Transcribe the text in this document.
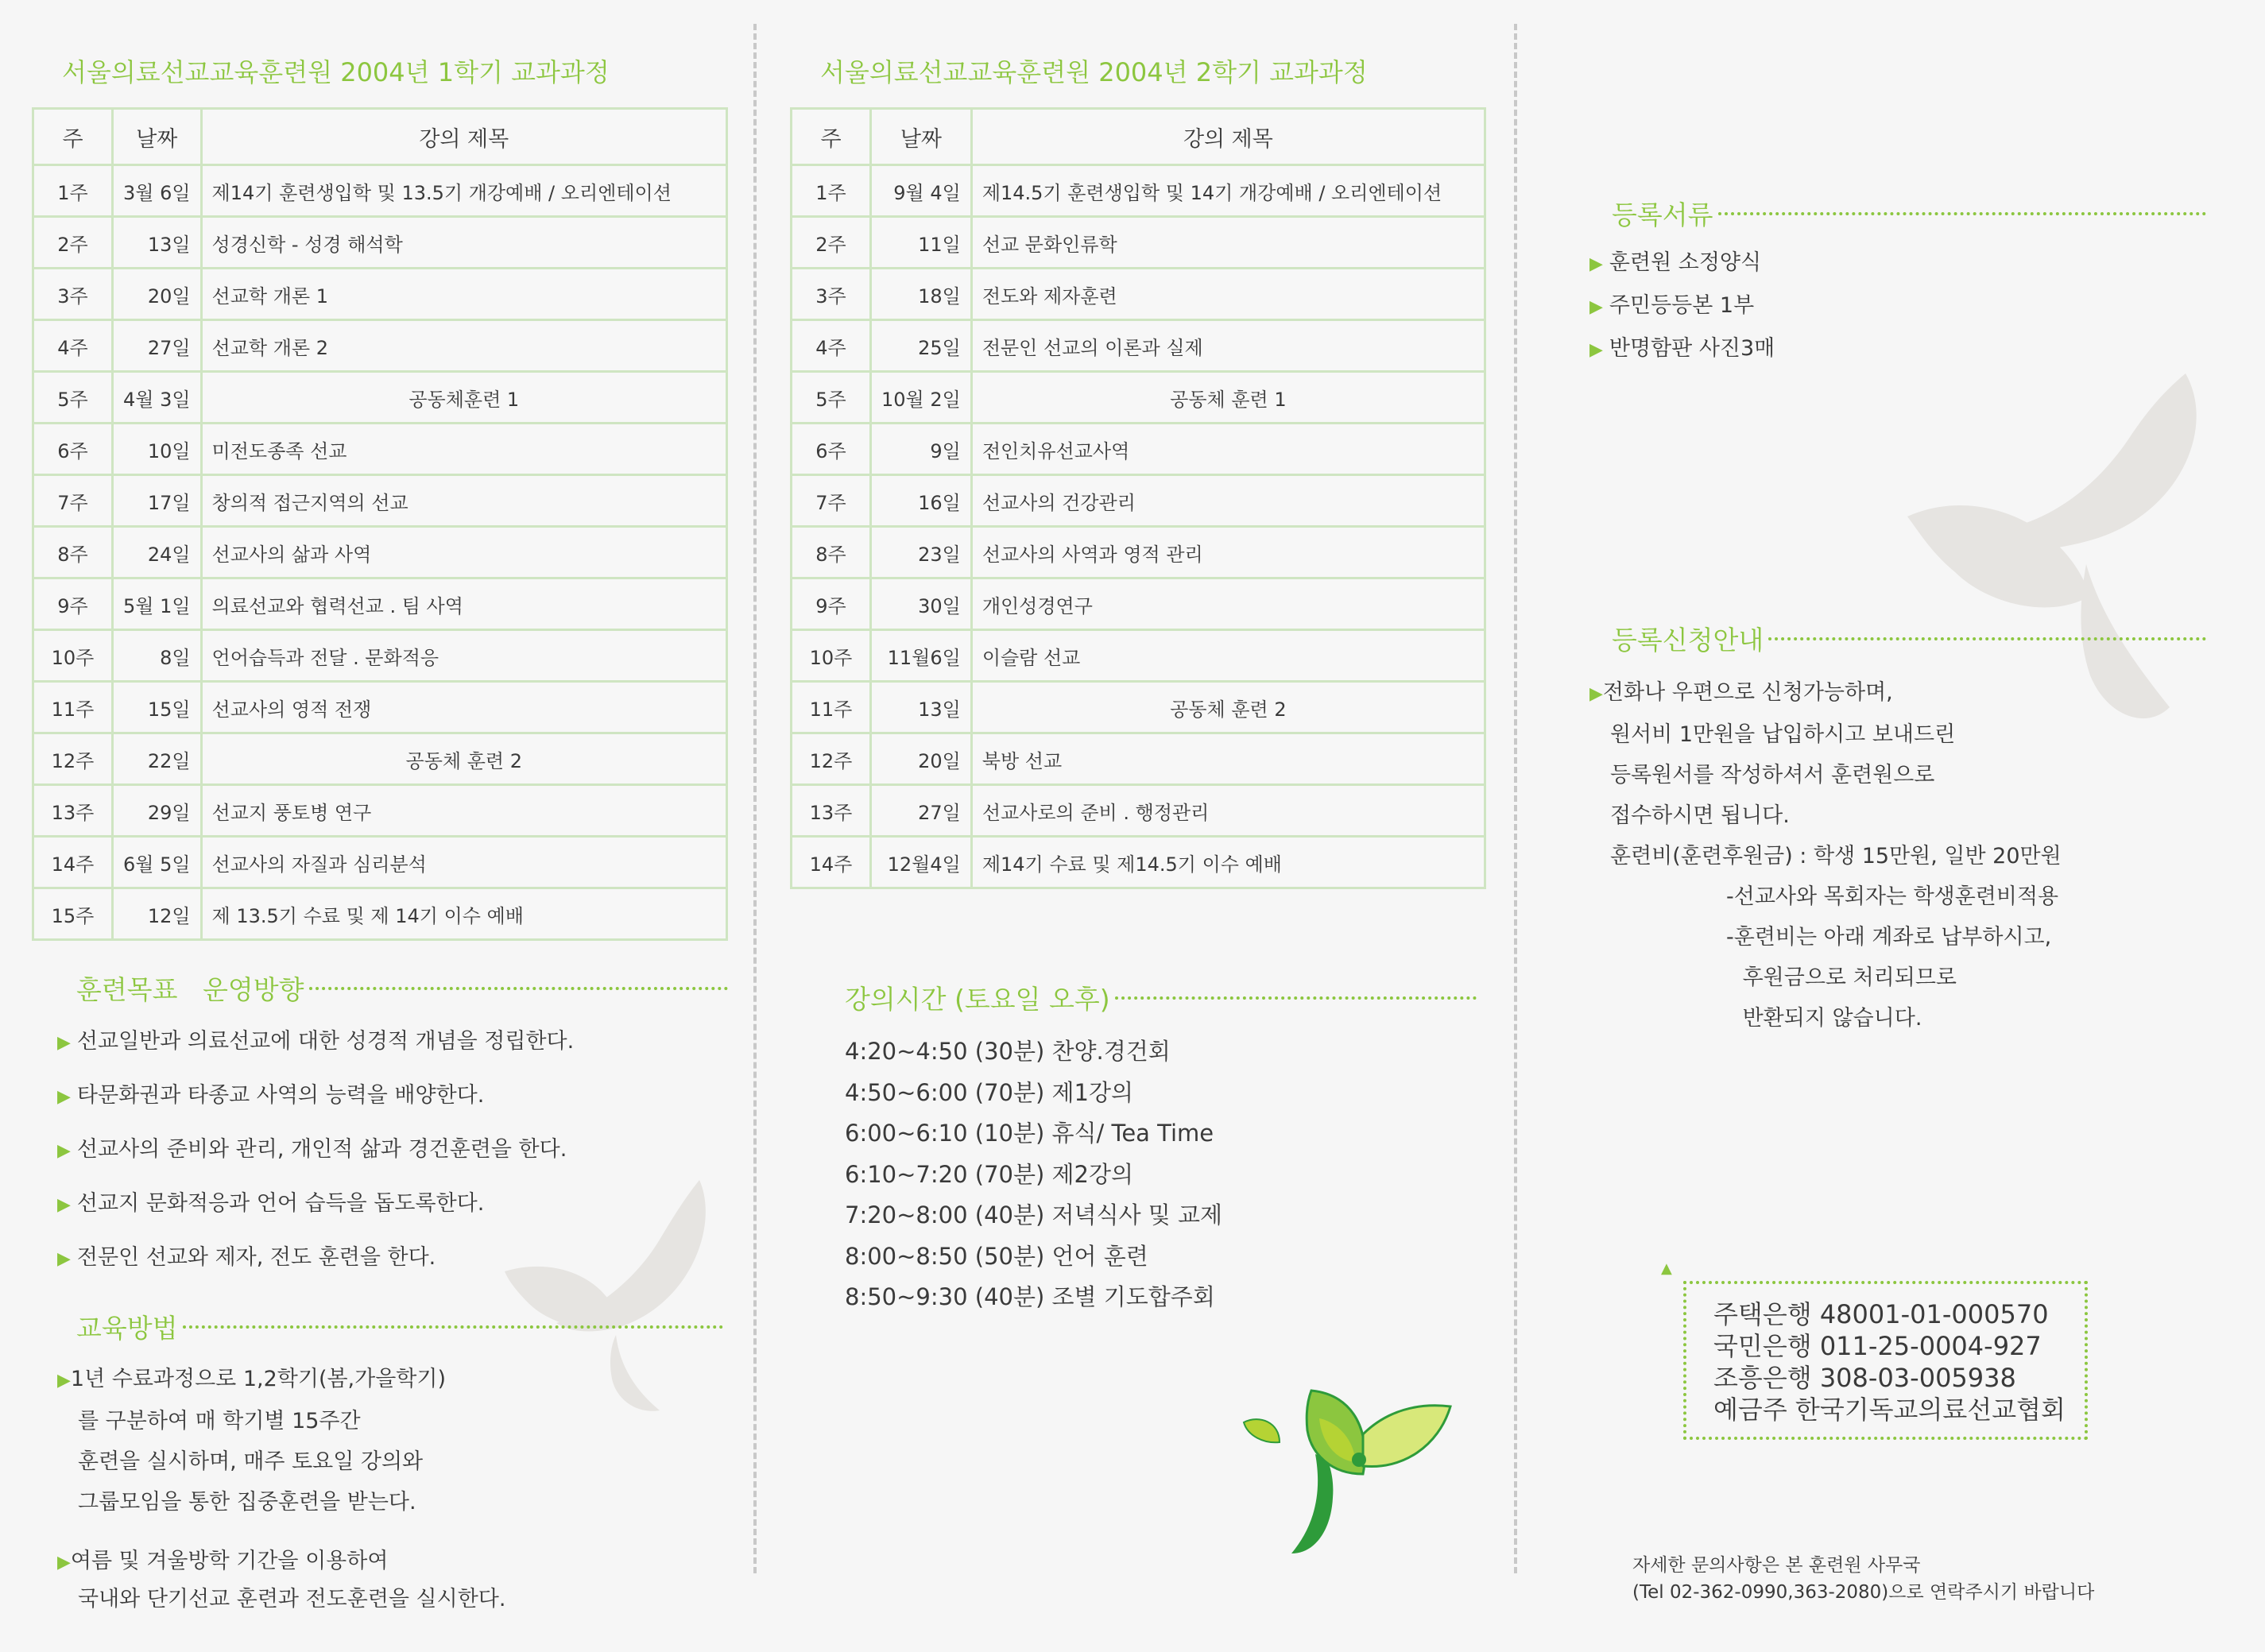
서울의료선교교육훈련원 2004년 1학기 교과과정
주	날짜	강의 제목
1주	3월 6일	제14기 훈련생입학 및 13.5기 개강예배 / 오리엔테이션
2주	13일	성경신학 - 성경 해석학
3주	20일	선교학 개론 1
4주	27일	선교학 개론 2
5주	4월 3일	공동체훈련 1
6주	10일	미전도종족 선교
7주	17일	창의적 접근지역의 선교
8주	24일	선교사의 삶과 사역
9주	5월 1일	의료선교와 협력선교 . 팀 사역
10주	8일	언어습득과 전달 . 문화적응
11주	15일	선교사의 영적 전쟁
12주	22일	공동체 훈련 2
13주	29일	선교지 풍토병 연구
14주	6월 5일	선교사의 자질과 심리분석
15주	12일	제 13.5기 수료 및 제 14기 이수 예배
훈련목표   운영방향
▶ 선교일반과 의료선교에 대한 성경적 개념을 정립한다.
▶ 타문화권과 타종교 사역의 능력을 배양한다.
▶ 선교사의 준비와 관리, 개인적 삶과 경건훈련을 한다.
▶ 선교지 문화적응과 언어 습득을 돕도록한다.
▶ 전문인 선교와 제자, 전도 훈련을 한다.
교육방법
▶1년 수료과정으로 1,2학기(봄,가을학기)
를 구분하여 매 학기별 15주간
훈련을 실시하며, 매주 토요일 강의와
그룹모임을 통한 집중훈련을 받는다.
▶여름 및 겨울방학 기간을 이용하여
국내와 단기선교 훈련과 전도훈련을 실시한다.
서울의료선교교육훈련원 2004년 2학기 교과과정
주	날짜	강의 제목
1주	9월 4일	제14.5기 훈련생입학 및 14기 개강예배 / 오리엔테이션
2주	11일	선교 문화인류학
3주	18일	전도와 제자훈련
4주	25일	전문인 선교의 이론과 실제
5주	10월 2일	공동체 훈련 1
6주	9일	전인치유선교사역
7주	16일	선교사의 건강관리
8주	23일	선교사의 사역과 영적 관리
9주	30일	개인성경연구
10주	11월6일	이슬람 선교
11주	13일	공동체 훈련 2
12주	20일	북방 선교
13주	27일	선교사로의 준비 . 행정관리
14주	12월4일	제14기 수료 및 제14.5기 이수 예배
강의시간 (토요일 오후)
4:20~4:50 (30분) 찬양.경건회
4:50~6:00 (70분) 제1강의
6:00~6:10 (10분) 휴식/ Tea Time
6:10~7:20 (70분) 제2강의
7:20~8:00 (40분) 저녁식사 및 교제
8:00~8:50 (50분) 언어 훈련
8:50~9:30 (40분) 조별 기도합주회
등록서류
▶ 훈련원 소정양식
▶ 주민등등본 1부
▶ 반명함판 사진3매
등록신청안내
▶전화나 우편으로 신청가능하며,
원서비 1만원을 납입하시고 보내드린
등록원서를 작성하셔서 훈련원으로
접수하시면 됩니다.
훈련비(훈련후원금) : 학생 15만원, 일반 20만원
-선교사와 목회자는 학생훈련비적용
-훈련비는 아래 계좌로 납부하시고,
후원금으로 처리되므로
반환되지 않습니다.
▲
주택은행 48001-01-000570
국민은행 011-25-0004-927
조흥은행 308-03-005938
예금주 한국기독교의료선교협회
자세한 문의사항은 본 훈련원 사무국
(Tel 02-362-0990,363-2080)으로 연락주시기 바랍니다
